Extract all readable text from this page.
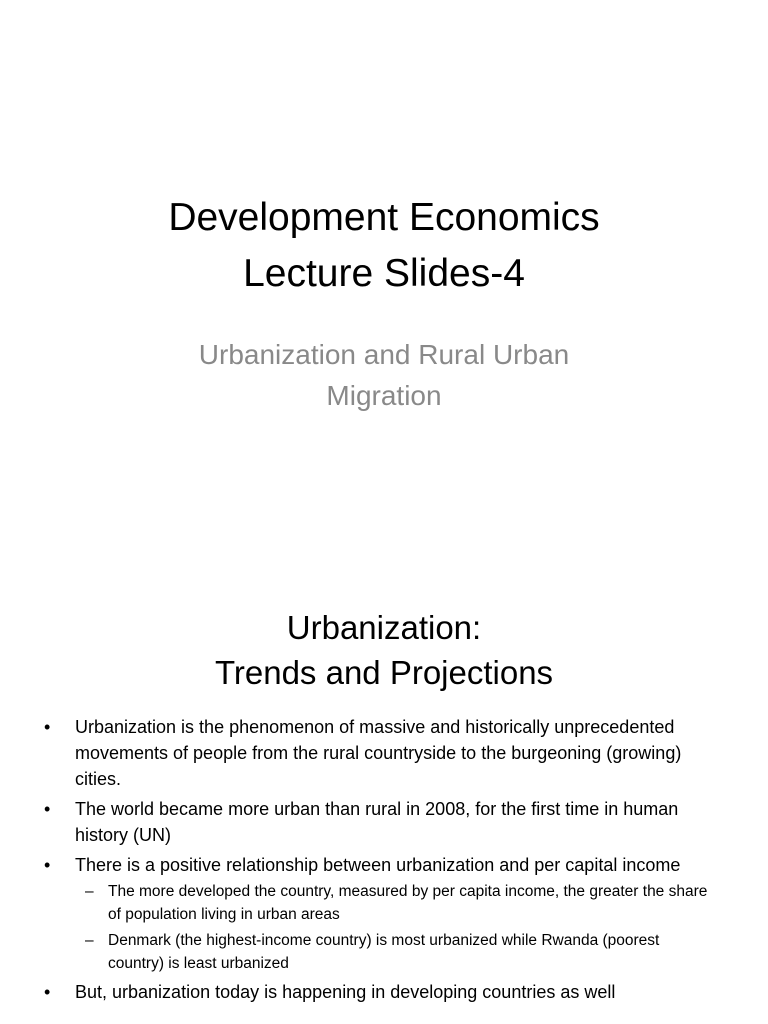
Development Economics
Lecture Slides-4
Urbanization and Rural Urban
Migration
Urbanization:
Trends and Projections
• Urbanization is the phenomenon of massive and historically unprecedented movements of people from the rural countryside to the burgeoning (growing) cities.
• The world became more urban than rural in 2008, for the first time in human history (UN)
• There is a positive relationship between urbanization and per capital income
– The more developed the country, measured by per capita income, the greater the share of population living in urban areas
– Denmark (the highest-income country) is most urbanized while Rwanda (poorest country) is least urbanized
• But, urbanization today is happening in developing countries as well
